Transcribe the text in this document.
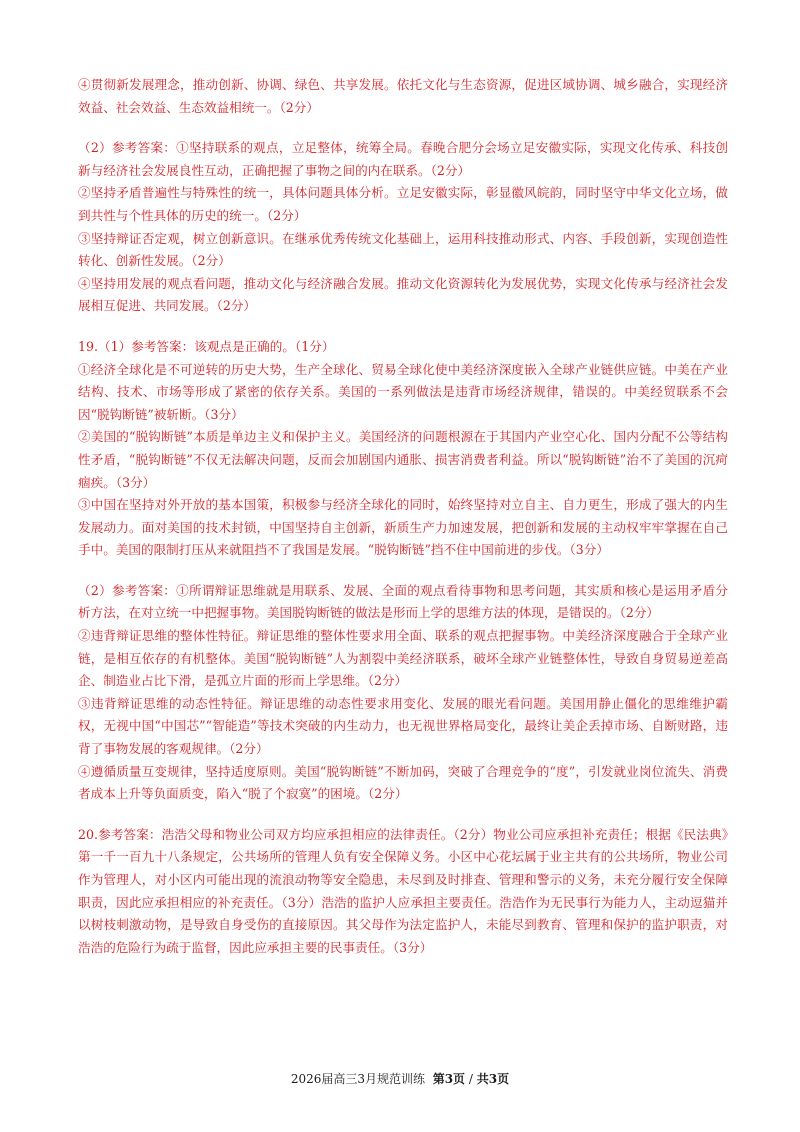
④贯彻新发展理念，推动创新、协调、绿色、共享发展。依托文化与生态资源，促进区域协调、城乡融合，实现经济效益、社会效益、生态效益相统一。（2分）

（2）参考答案：①坚持联系的观点，立足整体，统筹全局。春晚合肥分会场立足安徽实际，实现文化传承、科技创新与经济社会发展良性互动，正确把握了事物之间的内在联系。（2分）

②坚持矛盾普遍性与特殊性的统一，具体问题具体分析。立足安徽实际，彰显徽风皖韵，同时坚守中华文化立场，做到共性与个性具体的历史的统一。（2分）

③坚持辩证否定观，树立创新意识。在继承优秀传统文化基础上，运用科技推动形式、内容、手段创新，实现创造性转化、创新性发展。（2分）

④坚持用发展的观点看问题，推动文化与经济融合发展。推动文化资源转化为发展优势，实现文化传承与经济社会发展相互促进、共同发展。（2分）

19.（1）参考答案：该观点是正确的。（1分）

①经济全球化是不可逆转的历史大势，生产全球化、贸易全球化使中美经济深度嵌入全球产业链供应链。中美在产业结构、技术、市场等形成了紧密的依存关系。美国的一系列做法是违背市场经济规律，错误的。中美经贸联系不会因“脱钩断链”被斩断。（3分）

②美国的“脱钩断链”本质是单边主义和保护主义。美国经济的问题根源在于其国内产业空心化、国内分配不公等结构性矛盾，“脱钩断链”不仅无法解决问题，反而会加剧国内通胀、损害消费者利益。所以“脱钩断链”治不了美国的沉疴痼疾。（3分）

③中国在坚持对外开放的基本国策，积极参与经济全球化的同时，始终坚持对立自主、自力更生，形成了强大的内生发展动力。面对美国的技术封锁，中国坚持自主创新，新质生产力加速发展，把创新和发展的主动权牢牢掌握在自己手中。美国的限制打压从来就阻挡不了我国是发展。“脱钩断链”挡不住中国前进的步伐。（3分）

（2）参考答案：①所谓辩证思维就是用联系、发展、全面的观点看待事物和思考问题，其实质和核心是运用矛盾分析方法，在对立统一中把握事物。美国脱钩断链的做法是形而上学的思维方法的体现，是错误的。（2分）

②违背辩证思维的整体性特征。辩证思维的整体性要求用全面、联系的观点把握事物。中美经济深度融合于全球产业链，是相互依存的有机整体。美国“脱钩断链”人为割裂中美经济联系，破坏全球产业链整体性，导致自身贸易逆差高企、制造业占比下滑，是孤立片面的形而上学思维。（2分）

③违背辩证思维的动态性特征。辩证思维的动态性要求用变化、发展的眼光看问题。美国用静止僵化的思维维护霸权，无视中国“中国芯”“智能造”等技术突破的内生动力，也无视世界格局变化，最终让美企丢掉市场、自断财路，违背了事物发展的客观规律。（2分）

④遵循质量互变规律，坚持适度原则。美国“脱钩断链”不断加码，突破了合理竞争的“度”，引发就业岗位流失、消费者成本上升等负面质变，陷入“脱了个寂寞”的困境。（2分）

20.参考答案：浩浩父母和物业公司双方均应承担相应的法律责任。（2分）物业公司应承担补充责任；根据《民法典》第一千一百九十八条规定，公共场所的管理人负有安全保障义务。小区中心花坛属于业主共有的公共场所，物业公司作为管理人，对小区内可能出现的流浪动物等安全隐患，未尽到及时排查、管理和警示的义务，未充分履行安全保障职责，因此应承担相应的补充责任。（3分）浩浩的监护人应承担主要责任。浩浩作为无民事行为能力人，主动逗猫并以树枝刺激动物，是导致自身受伤的直接原因。其父母作为法定监护人，未能尽到教育、管理和保护的监护职责，对浩浩的危险行为疏于监督，因此应承担主要的民事责任。（3分）

2026届高三3月规范训练 第3页 / 共3页
